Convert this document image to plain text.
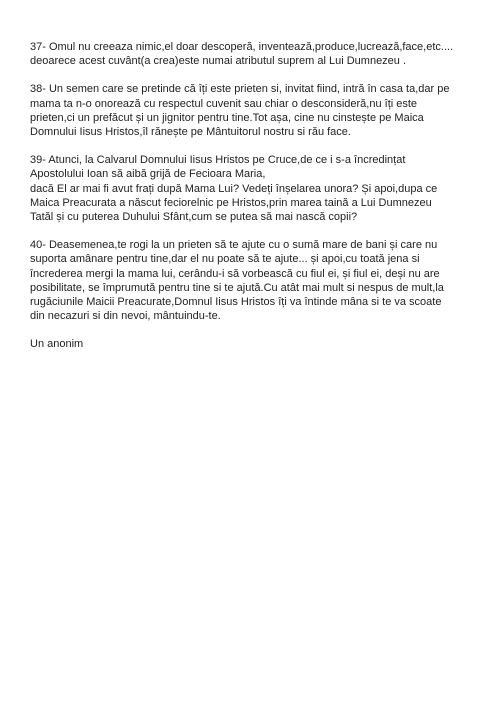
37- Omul nu creeaza nimic,el doar descoperă, inventează,produce,lucrează,face,etc....
deoarece acest cuvânt(a crea)este numai atributul suprem al Lui Dumnezeu .
38- Un semen care se pretinde că îți este prieten si, invitat fiind, intră în casa ta,dar pe
mama ta n-o onorează cu respectul cuvenit sau chiar o desconsideră,nu îți este
prieten,ci un prefăcut și un jignitor pentru tine.Tot așa, cine nu cinstește pe Maica
Domnului Iisus Hristos,îl rănește pe Mântuitorul nostru si rău face.
39- Atunci, la Calvarul Domnului Iisus Hristos pe Cruce,de ce i s-a încredințat
Apostolului Ioan să aibă grijă de Fecioara Maria,
dacă El ar mai fi avut frați după Mama Lui? Vedeți înșelarea unora? Și apoi,dupa ce
Maica Preacurata a născut feciorelnic pe Hristos,prin marea taină a Lui Dumnezeu
Tatăl și cu puterea Duhului Sfânt,cum se putea să mai nască copii?
40- Deasemenea,te rogi la un prieten să te ajute cu o sumă mare de bani și care nu
suporta amânare pentru tine,dar el nu poate să te ajute... și apoi,cu toată jena si
încrederea mergi la mama lui, cerându-i să vorbească cu fiul ei, și fiul ei, deși nu are
posibilitate, se împrumută pentru tine si te ajută.Cu atât mai mult si nespus de mult,la
rugăciunile Maicii Preacurate,Domnul Iisus Hristos îți va întinde mâna si te va scoate
din necazuri si din nevoi, mântuindu-te.

Un anonim
